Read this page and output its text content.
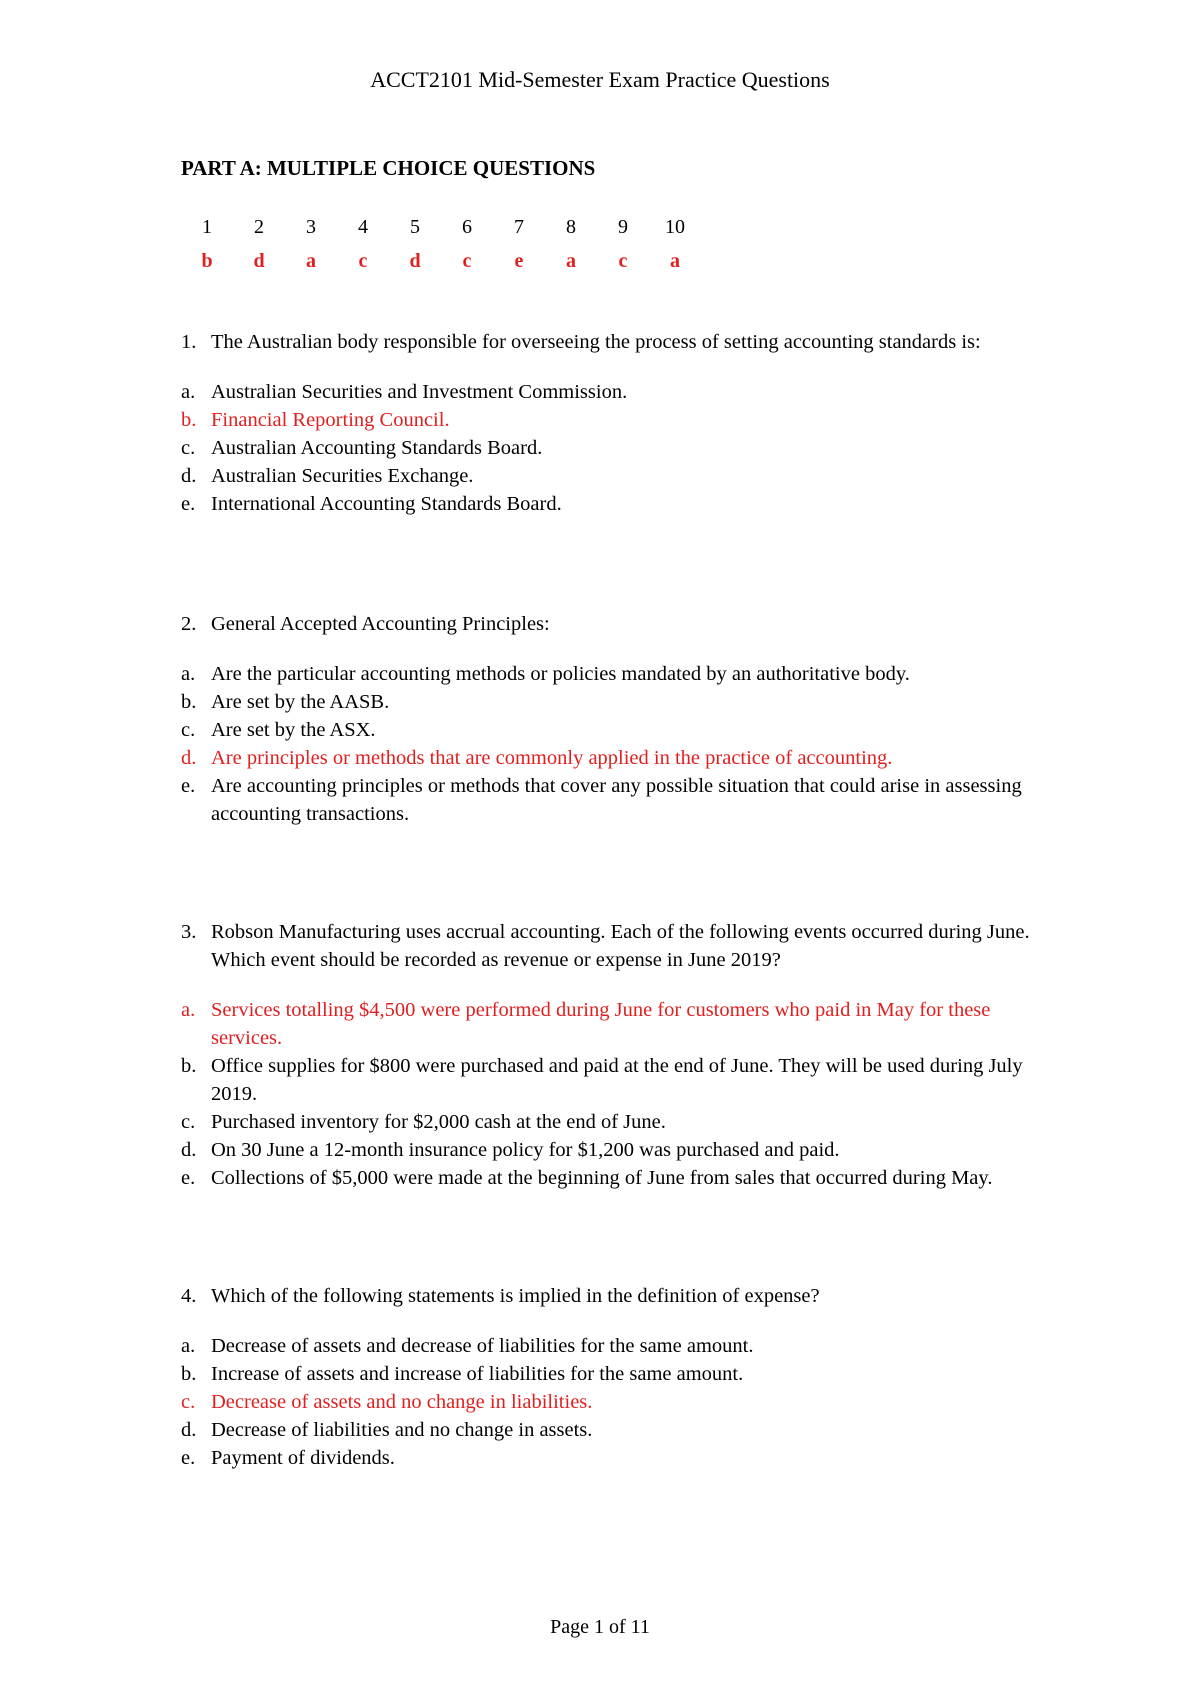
ACCT2101 Mid-Semester Exam Practice Questions
PART A: MULTIPLE CHOICE QUESTIONS
1	2	3	4	5	6	7	8	9	10
b	d	a	c	d	c	e	a	c	a
1. The Australian body responsible for overseeing the process of setting accounting standards is:
a. Australian Securities and Investment Commission.
b. Financial Reporting Council.
c. Australian Accounting Standards Board.
d. Australian Securities Exchange.
e. International Accounting Standards Board.
2. General Accepted Accounting Principles:
a. Are the particular accounting methods or policies mandated by an authoritative body.
b. Are set by the AASB.
c. Are set by the ASX.
d. Are principles or methods that are commonly applied in the practice of accounting.
e. Are accounting principles or methods that cover any possible situation that could arise in assessing accounting transactions.
3. Robson Manufacturing uses accrual accounting. Each of the following events occurred during June. Which event should be recorded as revenue or expense in June 2019?
a. Services totalling $4,500 were performed during June for customers who paid in May for these services.
b. Office supplies for $800 were purchased and paid at the end of June. They will be used during July 2019.
c. Purchased inventory for $2,000 cash at the end of June.
d. On 30 June a 12-month insurance policy for $1,200 was purchased and paid.
e. Collections of $5,000 were made at the beginning of June from sales that occurred during May.
4. Which of the following statements is implied in the definition of expense?
a. Decrease of assets and decrease of liabilities for the same amount.
b. Increase of assets and increase of liabilities for the same amount.
c. Decrease of assets and no change in liabilities.
d. Decrease of liabilities and no change in assets.
e. Payment of dividends.
Page 1 of 11
